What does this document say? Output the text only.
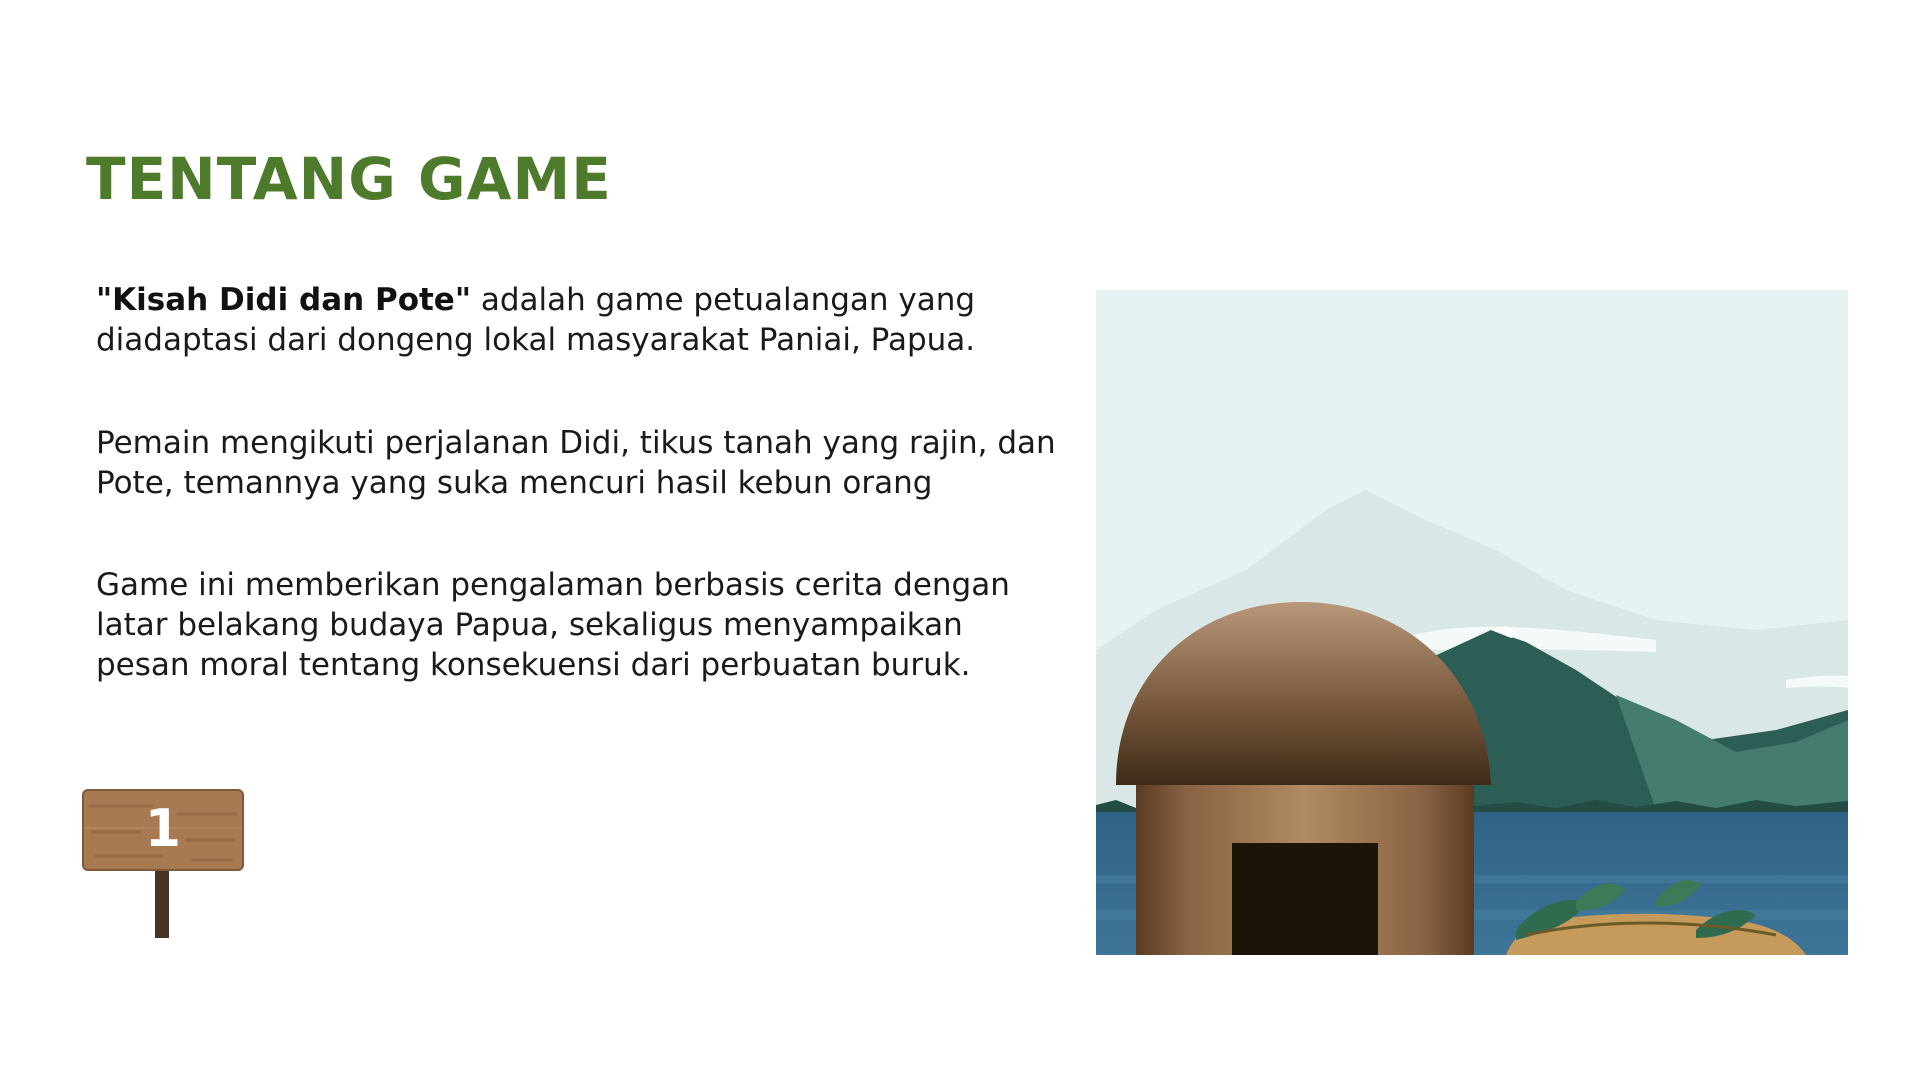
TENTANG GAME

"Kisah Didi dan Pote" adalah game petualangan yang diadaptasi dari dongeng lokal masyarakat Paniai, Papua.

Pemain mengikuti perjalanan Didi, tikus tanah yang rajin, dan Pote, temannya yang suka mencuri hasil kebun orang

Game ini memberikan pengalaman berbasis cerita dengan latar belakang budaya Papua, sekaligus menyampaikan pesan moral tentang konsekuensi dari perbuatan buruk.

1
